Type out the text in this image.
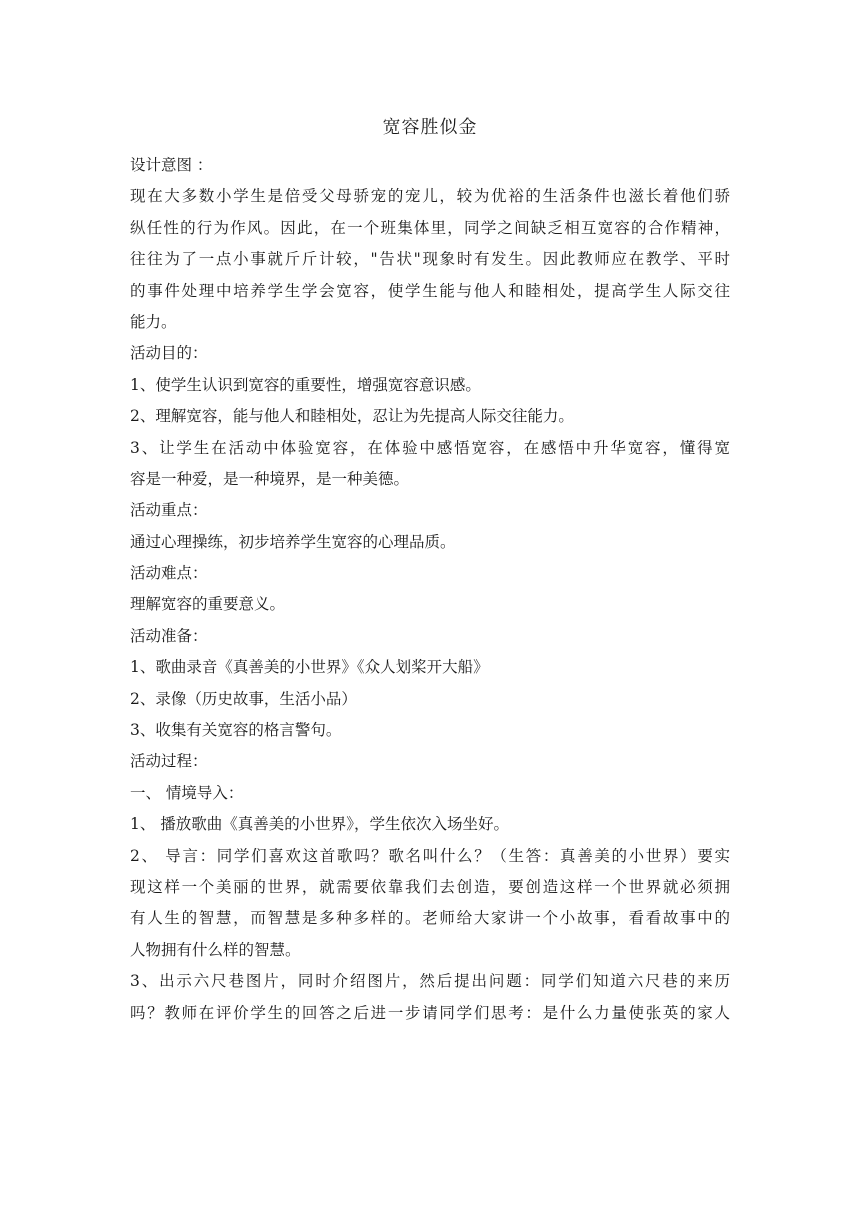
宽容胜似金
设计意图 ：
现在大多数小学生是倍受父母骄宠的宠儿，较为优裕的生活条件也滋长着他们骄
纵任性的行为作风。因此，在一个班集体里，同学之间缺乏相互宽容的合作精神，
往往为了一点小事就斤斤计较，"告状"现象时有发生。因此教师应在教学、平时
的事件处理中培养学生学会宽容，使学生能与他人和睦相处，提高学生人际交往
能力。
活动目的：
1、使学生认识到宽容的重要性，增强宽容意识感。
2、理解宽容，能与他人和睦相处，忍让为先提高人际交往能力。
3、让学生在活动中体验宽容，在体验中感悟宽容，在感悟中升华宽容，懂得宽
容是一种爱，是一种境界，是一种美德。
活动重点：
通过心理操练，初步培养学生宽容的心理品质。
活动难点：
理解宽容的重要意义。
活动准备：
1、歌曲录音《真善美的小世界》《众人划桨开大船》
2、录像（历史故事，生活小品）
3、收集有关宽容的格言警句。
活动过程：
一、 情境导入：
1、 播放歌曲《真善美的小世界》，学生依次入场坐好。
2、 导言：同学们喜欢这首歌吗？歌名叫什么？（生答：真善美的小世界）要实
现这样一个美丽的世界，就需要依靠我们去创造，要创造这样一个世界就必须拥
有人生的智慧，而智慧是多种多样的。老师给大家讲一个小故事，看看故事中的
人物拥有什么样的智慧。
3、出示六尺巷图片，同时介绍图片，然后提出问题：同学们知道六尺巷的来历
吗？教师在评价学生的回答之后进一步请同学们思考：是什么力量使张英的家人
